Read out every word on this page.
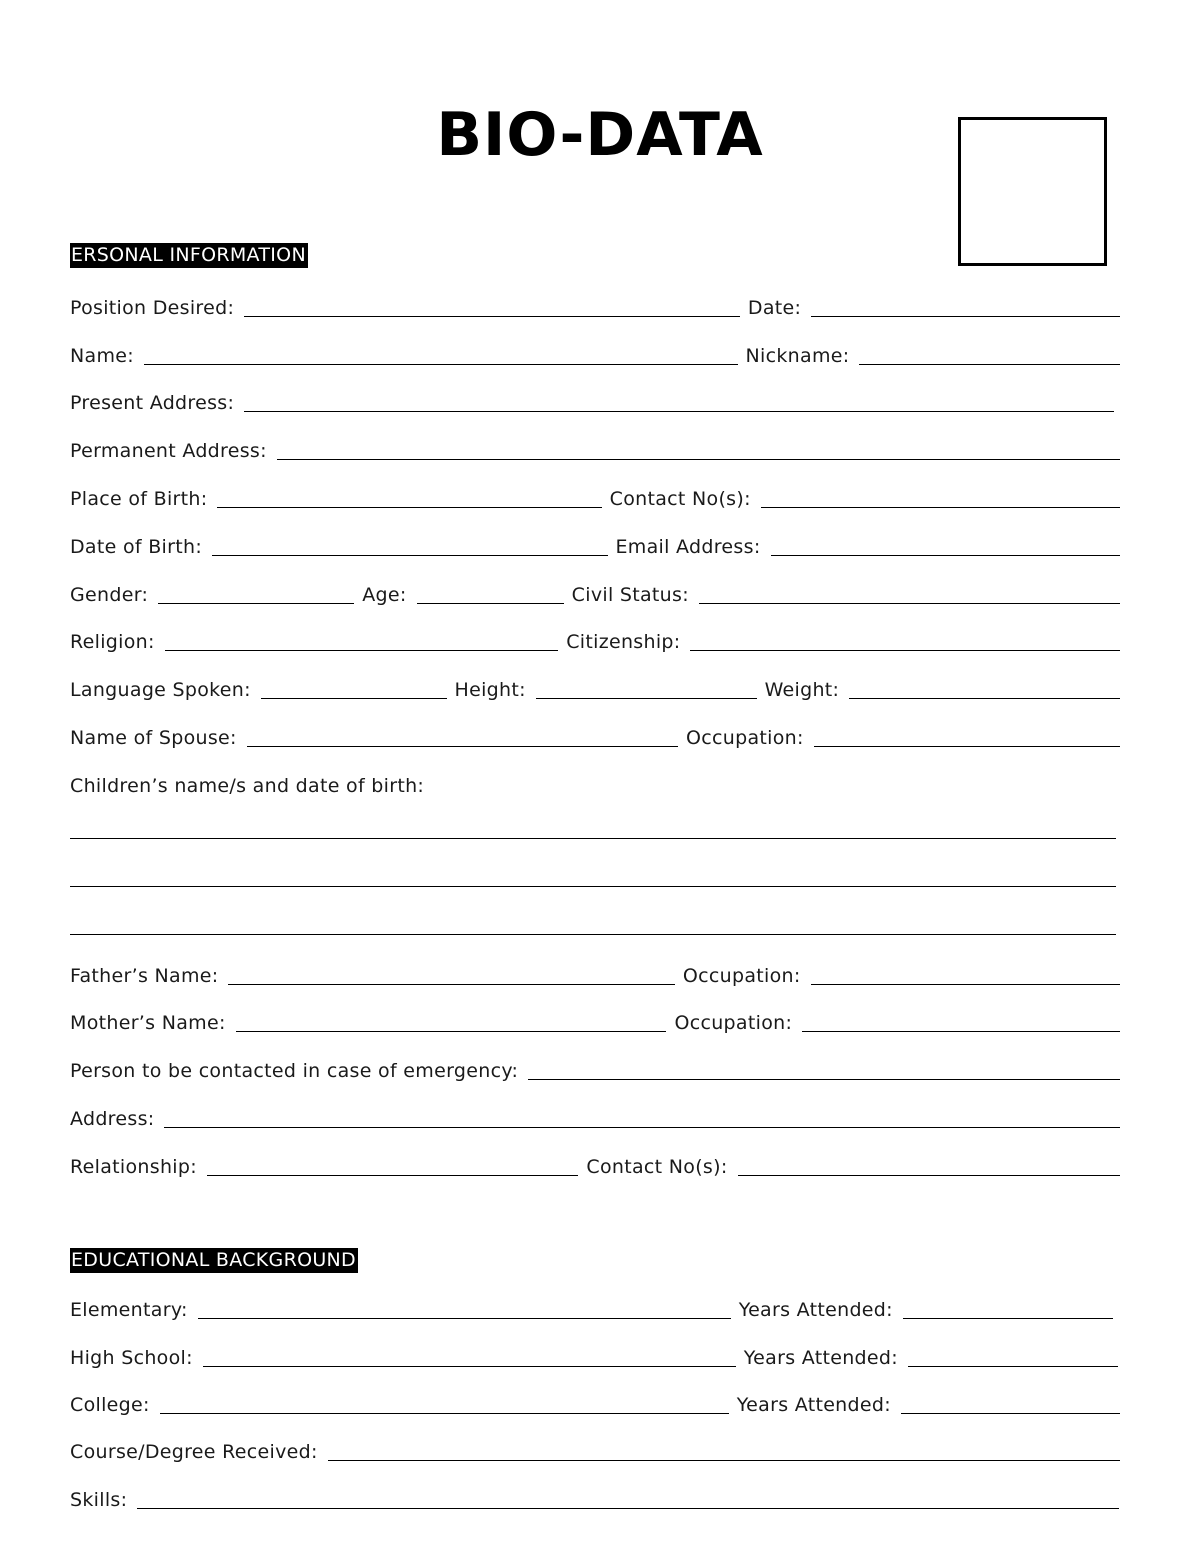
BIO-DATA
ERSONAL INFORMATION
Position Desired:	Date:
Name:	Nickname:
Present Address:
Permanent Address:
Place of Birth:	Contact No(s):
Date of Birth:	Email Address:
Gender:	Age:	Civil Status:
Religion:	Citizenship:
Language Spoken:	Height:	Weight:
Name of Spouse:	Occupation:
Children’s name/s and date of birth:
Father’s Name:	Occupation:
Mother’s Name:	Occupation:
Person to be contacted in case of emergency:
Address:
Relationship:	Contact No(s):
EDUCATIONAL BACKGROUND
Elementary:	Years Attended:
High School:	Years Attended:
College:	Years Attended:
Course/Degree Received:
Skills:
